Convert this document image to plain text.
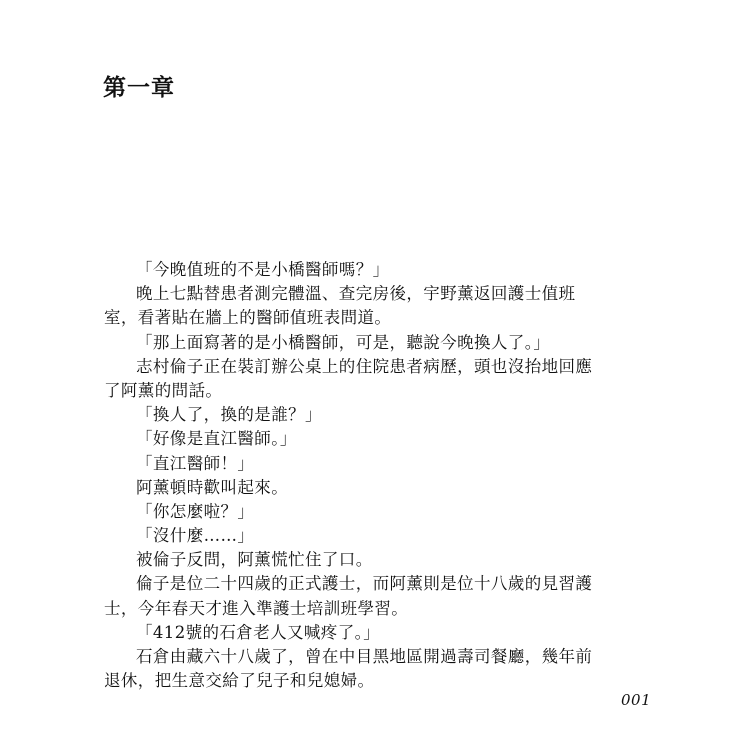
第一章
「今晚值班的不是小橋醫師嗎？」
晚上七點替患者測完體溫、查完房後，宇野薰返回護士值班
室，看著貼在牆上的醫師值班表問道。
「那上面寫著的是小橋醫師，可是，聽說今晚換人了。」
志村倫子正在裝訂辦公桌上的住院患者病歷，頭也沒抬地回應
了阿薰的問話。
「換人了，換的是誰？」
「好像是直江醫師。」
「直江醫師！」
阿薰頓時歡叫起來。
「你怎麼啦？」
「沒什麼……」
被倫子反問，阿薰慌忙住了口。
倫子是位二十四歲的正式護士，而阿薰則是位十八歲的見習護
士，今年春天才進入準護士培訓班學習。
「412號的石倉老人又喊疼了。」
石倉由藏六十八歲了，曾在中目黑地區開過壽司餐廳，幾年前
退休，把生意交給了兒子和兒媳婦。
001
